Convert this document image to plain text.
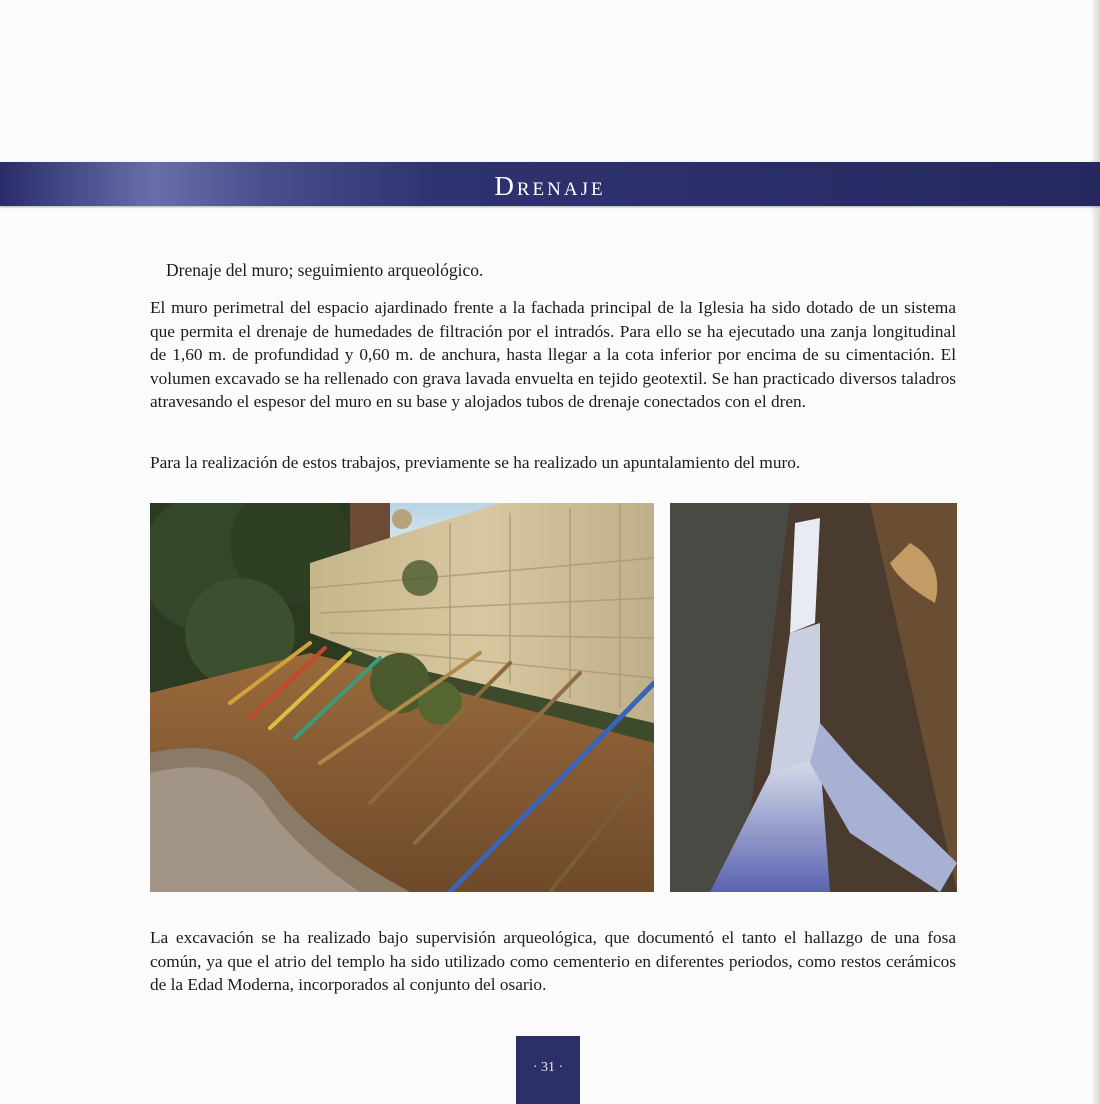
Drenaje
Drenaje del muro; seguimiento arqueológico.

El muro perimetral del espacio ajardinado frente a la fachada principal de la Iglesia ha sido dotado de un sistema que permita el drenaje de humedades de filtración por el intradós. Para ello se ha ejecutado una zanja longitudinal de 1,60 m. de profundidad y 0,60 m. de anchura, hasta llegar a la cota inferior por encima de su cimentación. El volumen excavado se ha rellenado con grava lavada envuelta en tejido geotextil. Se han practicado diversos taladros atravesando el espesor del muro en su base y alojados tubos de drenaje conectados con el dren.

Para la realización de estos trabajos, previamente se ha realizado un apuntalamiento del muro.

La excavación se ha realizado bajo supervisión arqueológica, que documentó el tanto el hallazgo de una fosa común, ya que el atrio del templo ha sido utilizado como cementerio en diferentes periodos, como restos cerámicos de la Edad Moderna, incorporados al conjunto del osario.

· 31 ·
